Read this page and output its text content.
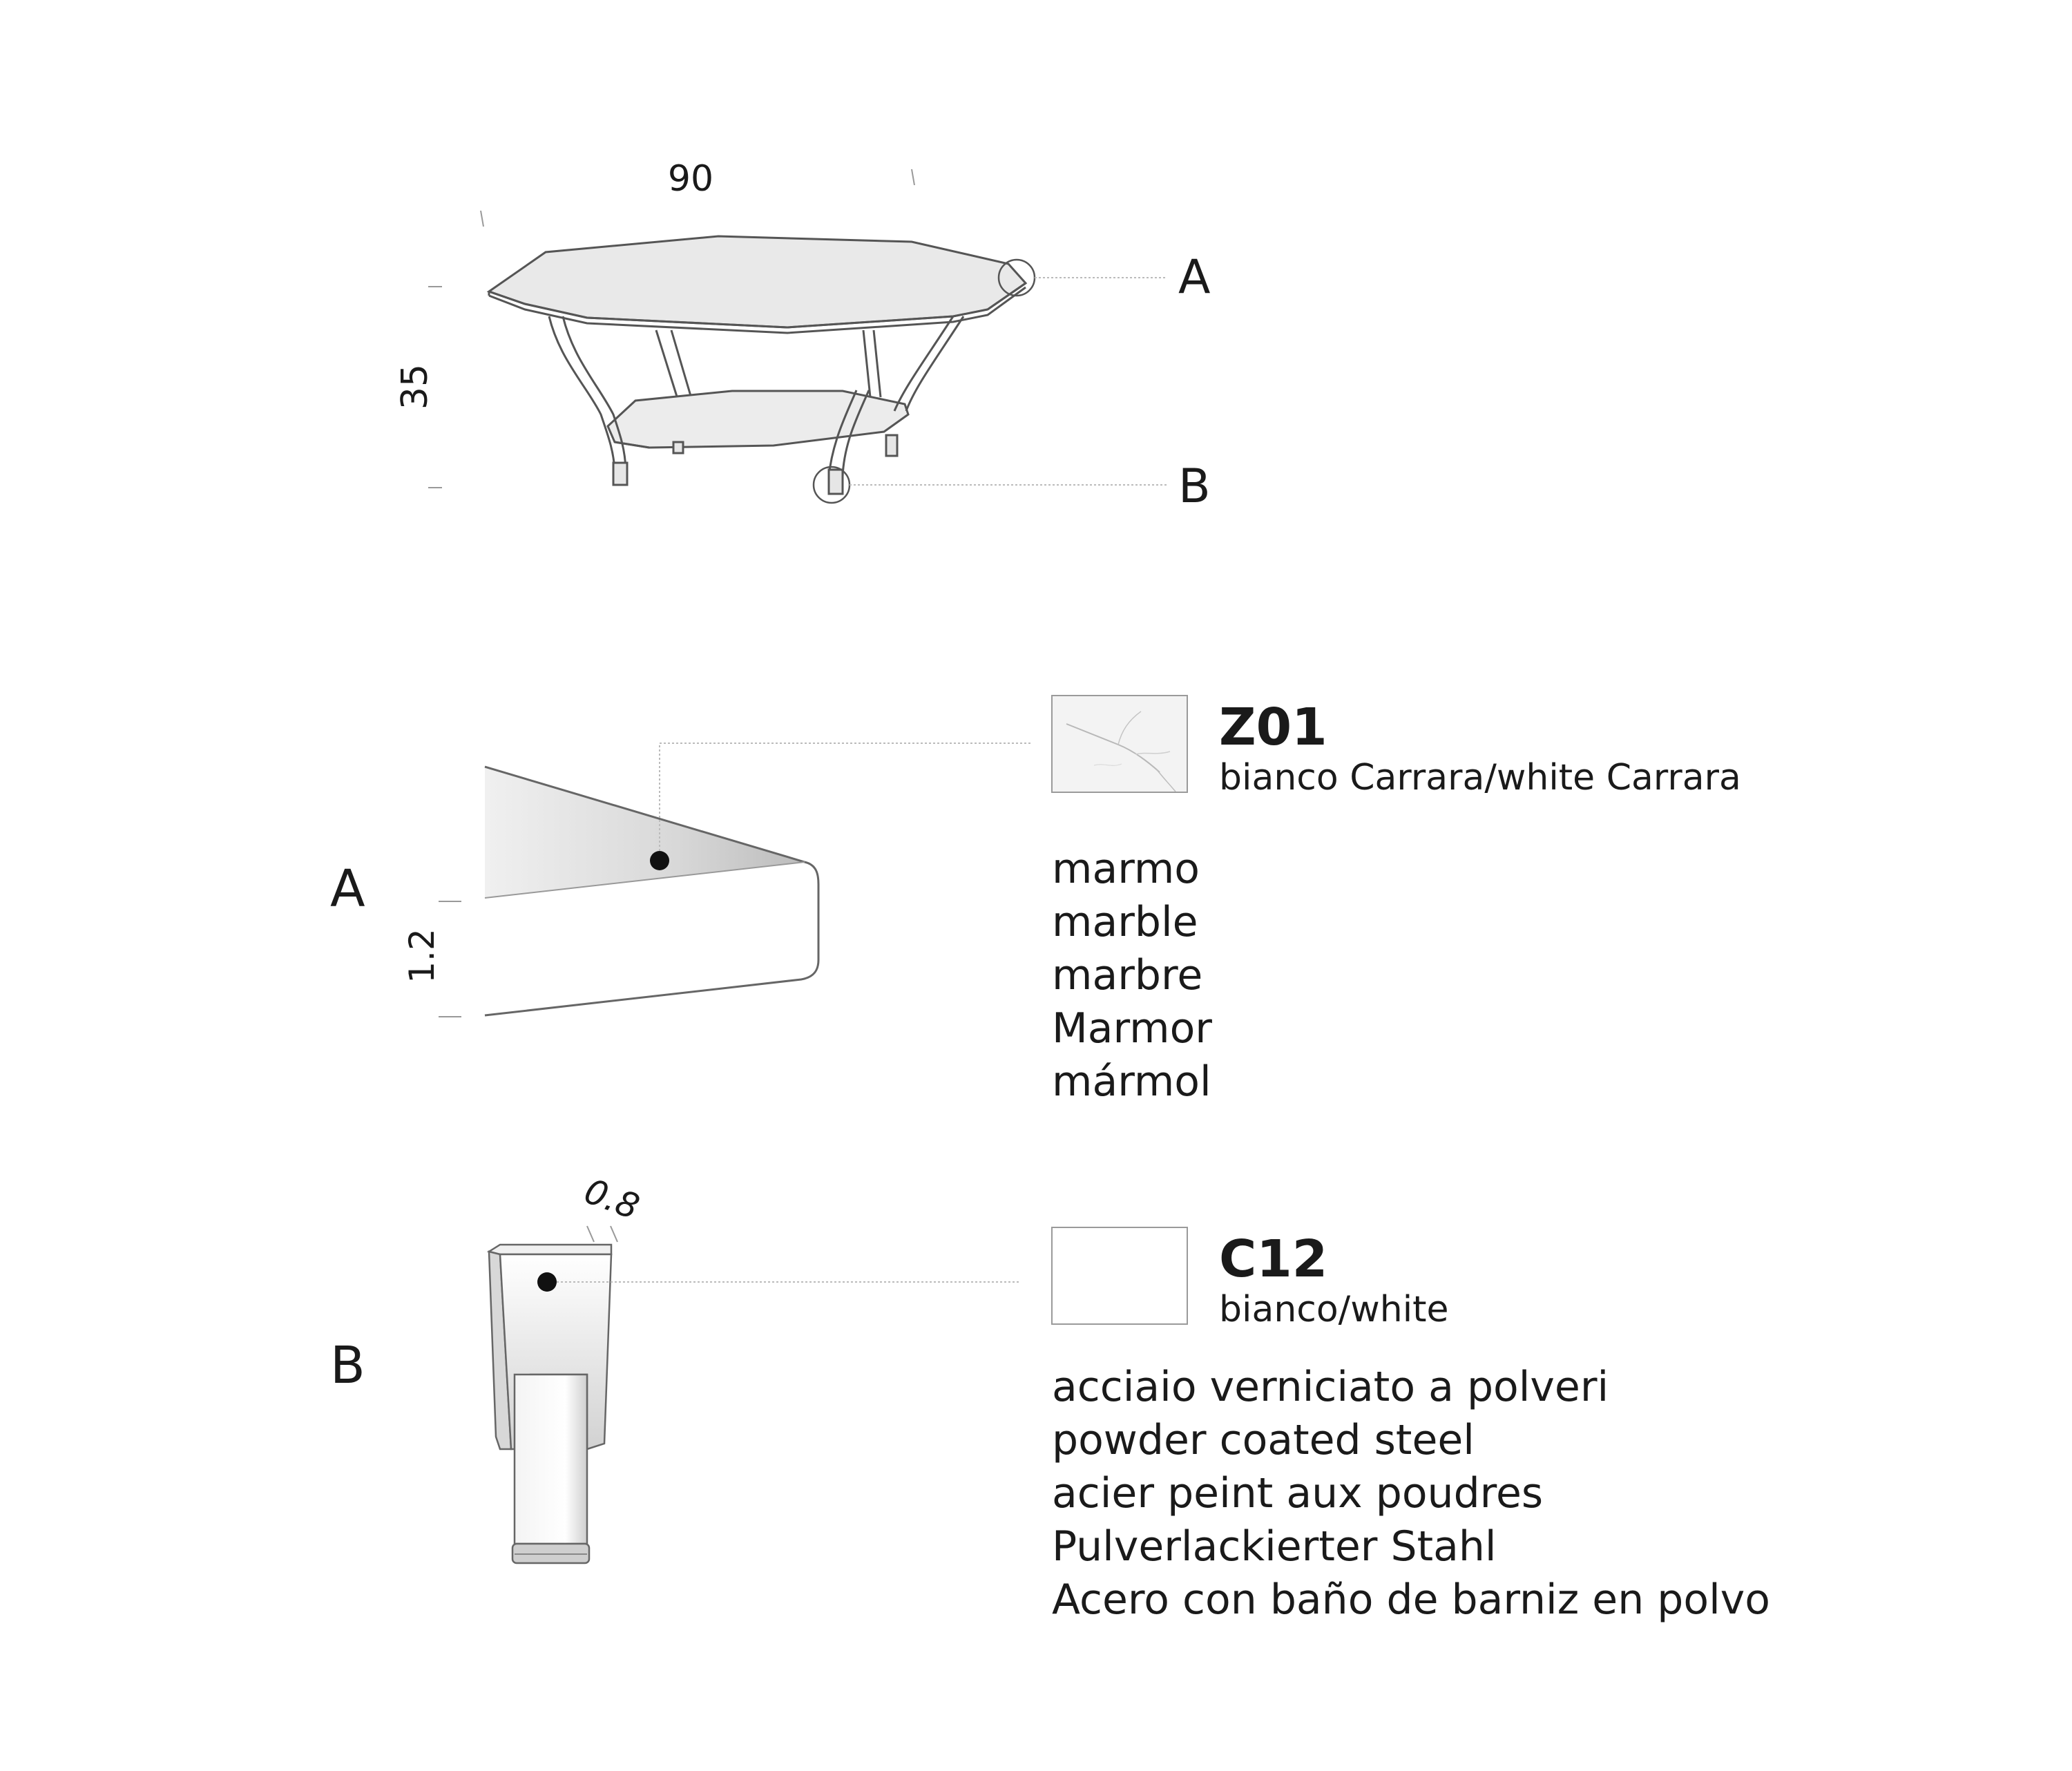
90
35
A
B
A
1.2
B
0.8
Z01
bianco Carrara/white Carrara
marmo
marble
marbre
Marmor
mármol
C12
bianco/white
acciaio verniciato a polveri
powder coated steel
acier peint aux poudres
Pulverlackierter Stahl
Acero con baño de barniz en polvo
